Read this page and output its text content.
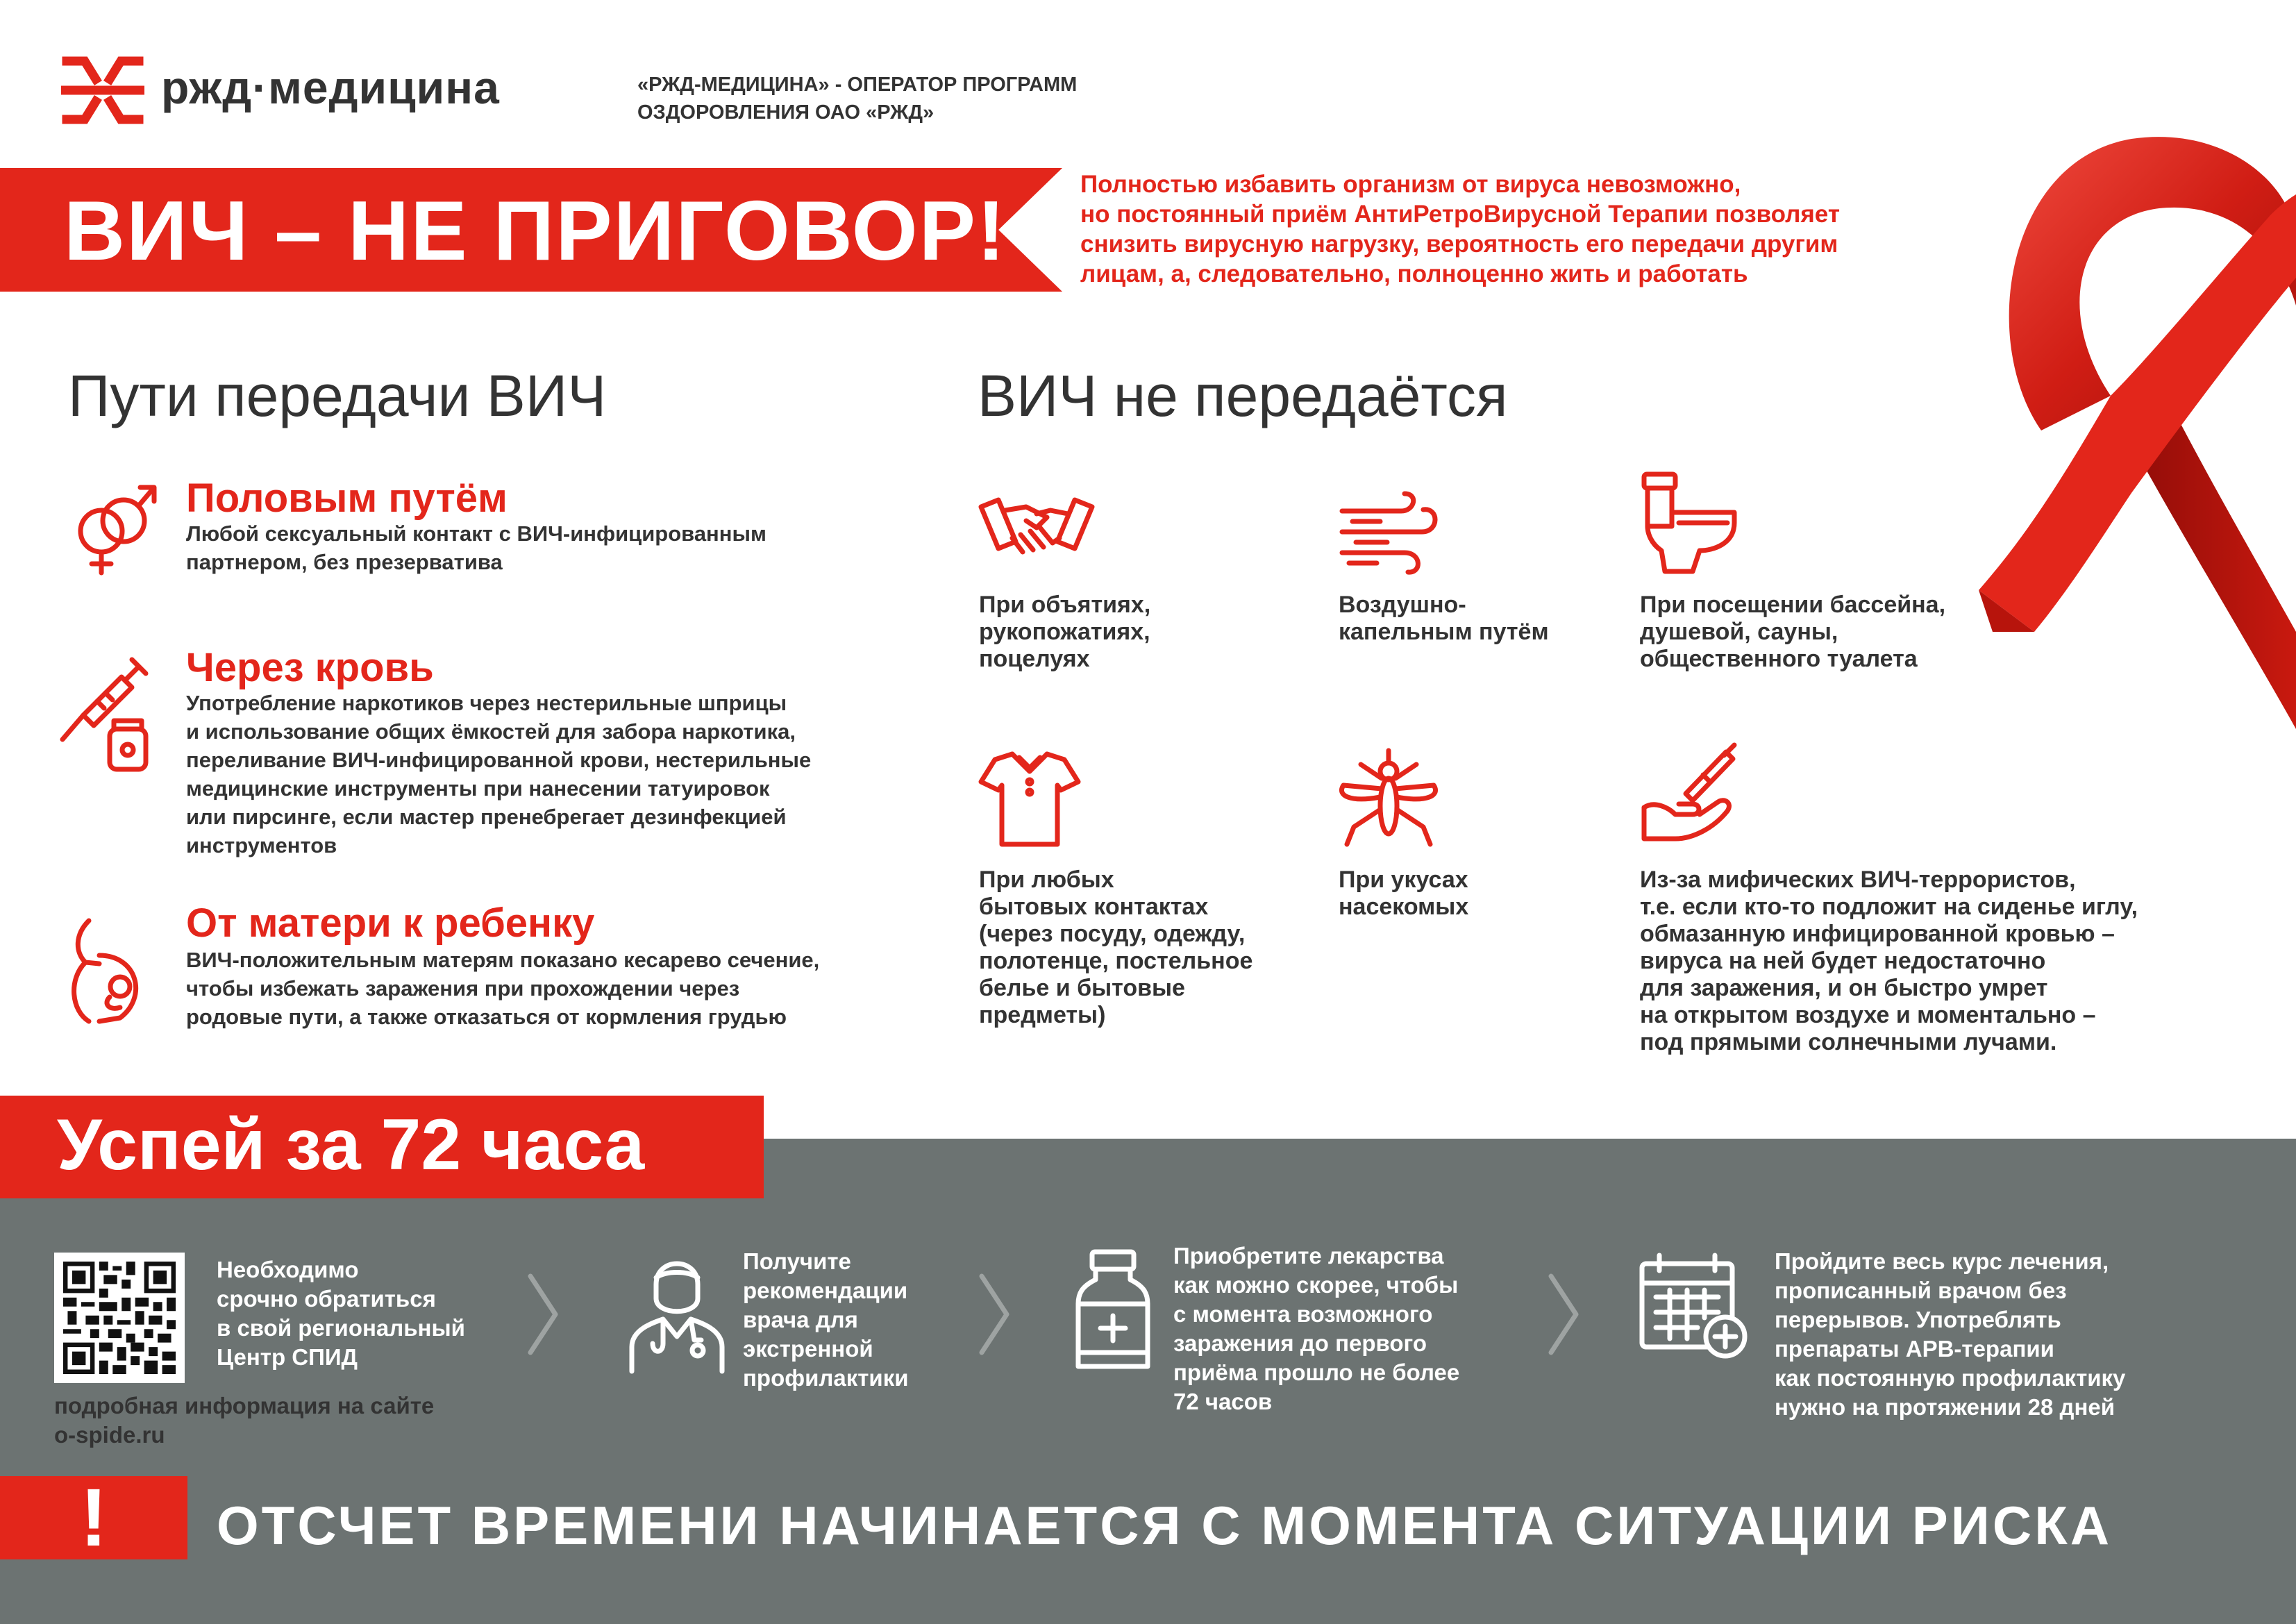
ржд·медицина	«РЖД-МЕДИЦИНА» - ОПЕРАТОР ПРОГРАММ
ОЗДОРОВЛЕНИЯ ОАО «РЖД»
ВИЧ – НЕ ПРИГОВОР!	Полностью избавить организм от вируса невозможно,
но постоянный приём АнтиРетроВирусной Терапии позволяет
снизить вирусную нагрузку, вероятность его передачи другим
лицам, а, следовательно, полноценно жить и работать
Пути передачи ВИЧ
Половым путём
Любой сексуальный контакт с ВИЧ-инфицированным
партнером, без презерватива
Через кровь
Употребление наркотиков через нестерильные шприцы
и использование общих ёмкостей для забора наркотика,
переливание ВИЧ-инфицированной крови, нестерильные
медицинские инструменты при нанесении татуировок
или пирсинге, если мастер пренебрегает дезинфекцией
инструментов
От матери к ребенку
ВИЧ-положительным матерям показано кесарево сечение,
чтобы избежать заражения при прохождении через
родовые пути, а также отказаться от кормления грудью
ВИЧ не передаётся
При объятиях,
рукопожатиях,
поцелуях
Воздушно-
капельным путём
При посещении бассейна,
душевой, сауны,
общественного туалета
При любых
бытовых контактах
(через посуду, одежду,
полотенце, постельное
белье и бытовые
предметы)
При укусах
насекомых
Из-за мифических ВИЧ-террористов,
т.е. если кто-то подложит на сиденье иглу,
обмазанную инфицированной кровью –
вируса на ней будет недостаточно
для заражения, и он быстро умрет
на открытом воздухе и моментально –
под прямыми солнечными лучами.
Успей за 72 часа
Необходимо
срочно обратиться
в свой региональный
Центр СПИД
подробная информация на сайте
o-spide.ru
Получите
рекомендации
врача для
экстренной
профилактики
Приобретите лекарства
как можно скорее, чтобы
с момента возможного
заражения до первого
приёма прошло не более
72 часов
Пройдите весь курс лечения,
прописанный врачом без
перерывов. Употреблять
препараты АРВ-терапии
как постоянную профилактику
нужно на протяжении 28 дней
!	ОТСЧЕТ ВРЕМЕНИ НАЧИНАЕТСЯ С МОМЕНТА СИТУАЦИИ РИСКА
